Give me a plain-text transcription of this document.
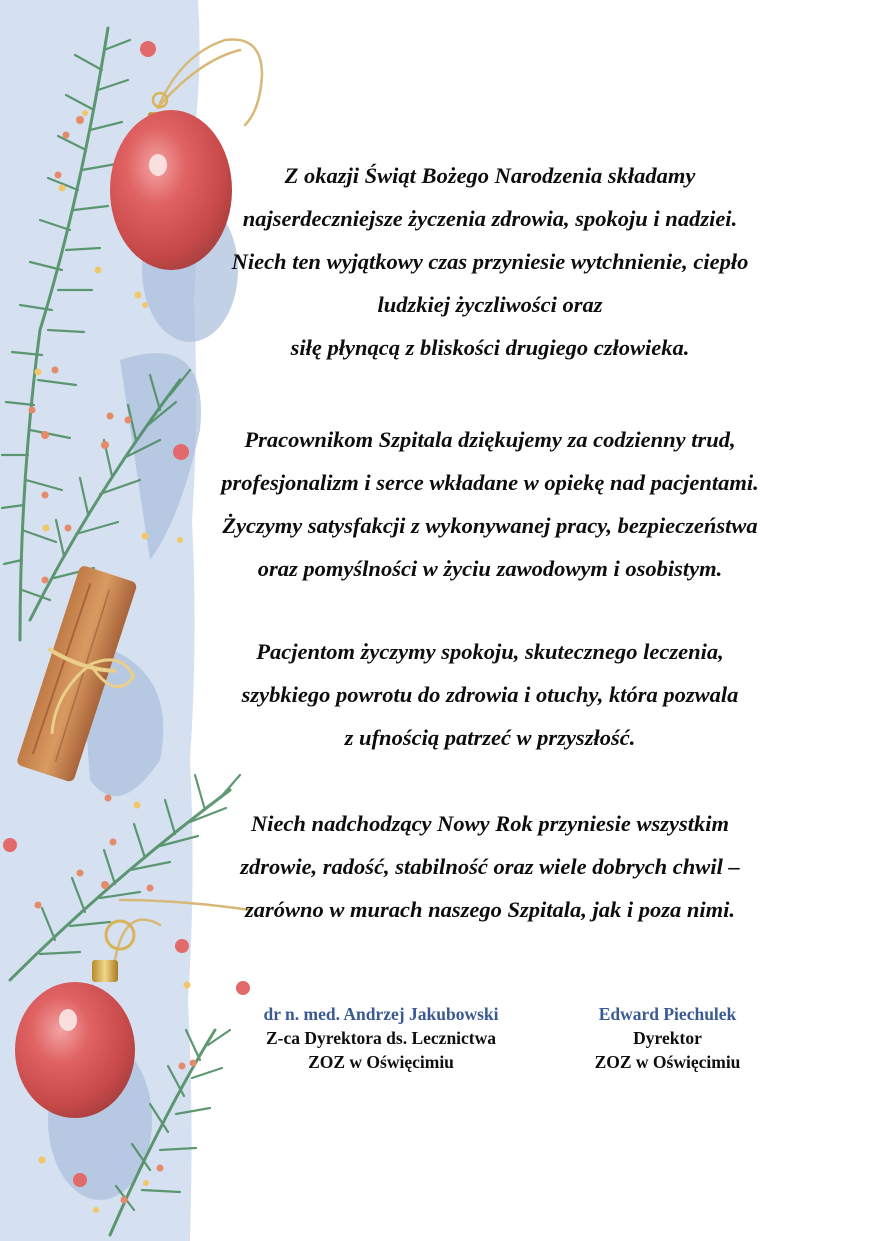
Z okazji Świąt Bożego Narodzenia składamy

najserdeczniejsze życzenia zdrowia, spokoju i nadziei.

Niech ten wyjątkowy czas przyniesie wytchnienie, ciepło

ludzkiej życzliwości oraz

siłę płynącą z bliskości drugiego człowieka.

Pracownikom Szpitala dziękujemy za codzienny trud,

profesjonalizm i serce wkładane w opiekę nad pacjentami.

Życzymy satysfakcji z wykonywanej pracy, bezpieczeństwa

oraz pomyślności w życiu zawodowym i osobistym.

Pacjentom życzymy spokoju, skutecznego leczenia,

szybkiego powrotu do zdrowia i otuchy, która pozwala

z ufnością patrzeć w przyszłość.

Niech nadchodzący Nowy Rok przyniesie wszystkim

zdrowie, radość, stabilność oraz wiele dobrych chwil –

zarówno w murach naszego Szpitala, jak i poza nimi.

dr n. med. Andrzej Jakubowski
Z-ca Dyrektora ds. Lecznictwa
ZOZ w Oświęcimiu
Edward Piechulek
Dyrektor
ZOZ w Oświęcimiu
